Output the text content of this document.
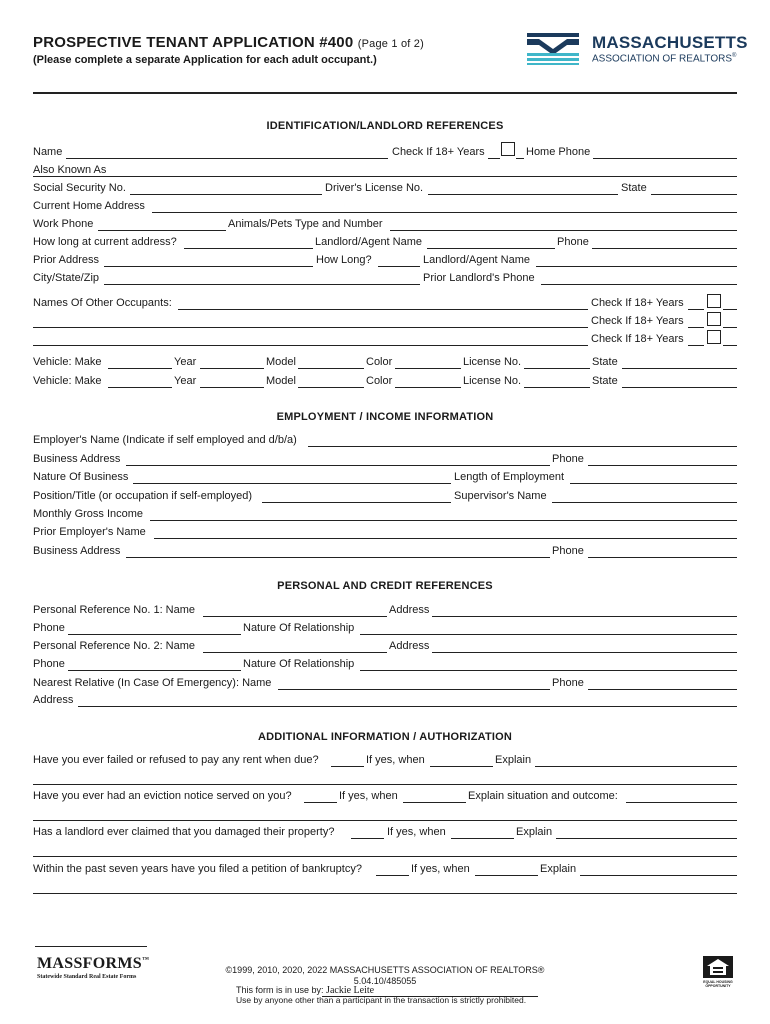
PROSPECTIVE TENANT APPLICATION #400 (Page 1 of 2)
(Please complete a separate Application for each adult occupant.)
MASSACHUSETTS
ASSOCIATION OF REALTORS®
IDENTIFICATION/LANDLORD REFERENCES
Name	Check If 18+ Years	Home Phone
Also Known As
Social Security No.	Driver's License No.	State
Current Home Address
Work Phone	Animals/Pets Type and Number
How long at current address?	Landlord/Agent Name	Phone
Prior Address	How Long?	Landlord/Agent Name
City/State/Zip	Prior Landlord's Phone
Names Of Other Occupants:	Check If 18+ Years
Check If 18+ Years
Check If 18+ Years
Vehicle: Make	Year	Model	Color	License No.	State
Vehicle: Make	Year	Model	Color	License No.	State
EMPLOYMENT / INCOME INFORMATION
Employer's Name (Indicate if self employed and d/b/a)
Business Address	Phone
Nature Of Business	Length of Employment
Position/Title (or occupation if self-employed)	Supervisor's Name
Monthly Gross Income
Prior Employer's Name
Business Address	Phone
PERSONAL AND CREDIT REFERENCES
Personal Reference No. 1: Name	Address
Phone	Nature Of Relationship
Personal Reference No. 2: Name	Address
Phone	Nature Of Relationship
Nearest Relative (In Case Of Emergency): Name	Phone
Address
ADDITIONAL INFORMATION / AUTHORIZATION
Have you ever failed or refused to pay any rent when due?	If yes, when	Explain
Have you ever had an eviction notice served on you?	If yes, when	Explain situation and outcome:
Has a landlord ever claimed that you damaged their property?	If yes, when	Explain
Within the past seven years have you filed a petition of bankruptcy?	If yes, when	Explain
MASSFORMS™
Statewide Standard Real Estate Forms
©1999, 2010, 2020, 2022 MASSACHUSETTS ASSOCIATION OF REALTORS®
5.04.10/485055
This form is in use by: Jackie Leite
Use by anyone other than a participant in the transaction is strictly prohibited.
EQUAL HOUSING OPPORTUNITY
